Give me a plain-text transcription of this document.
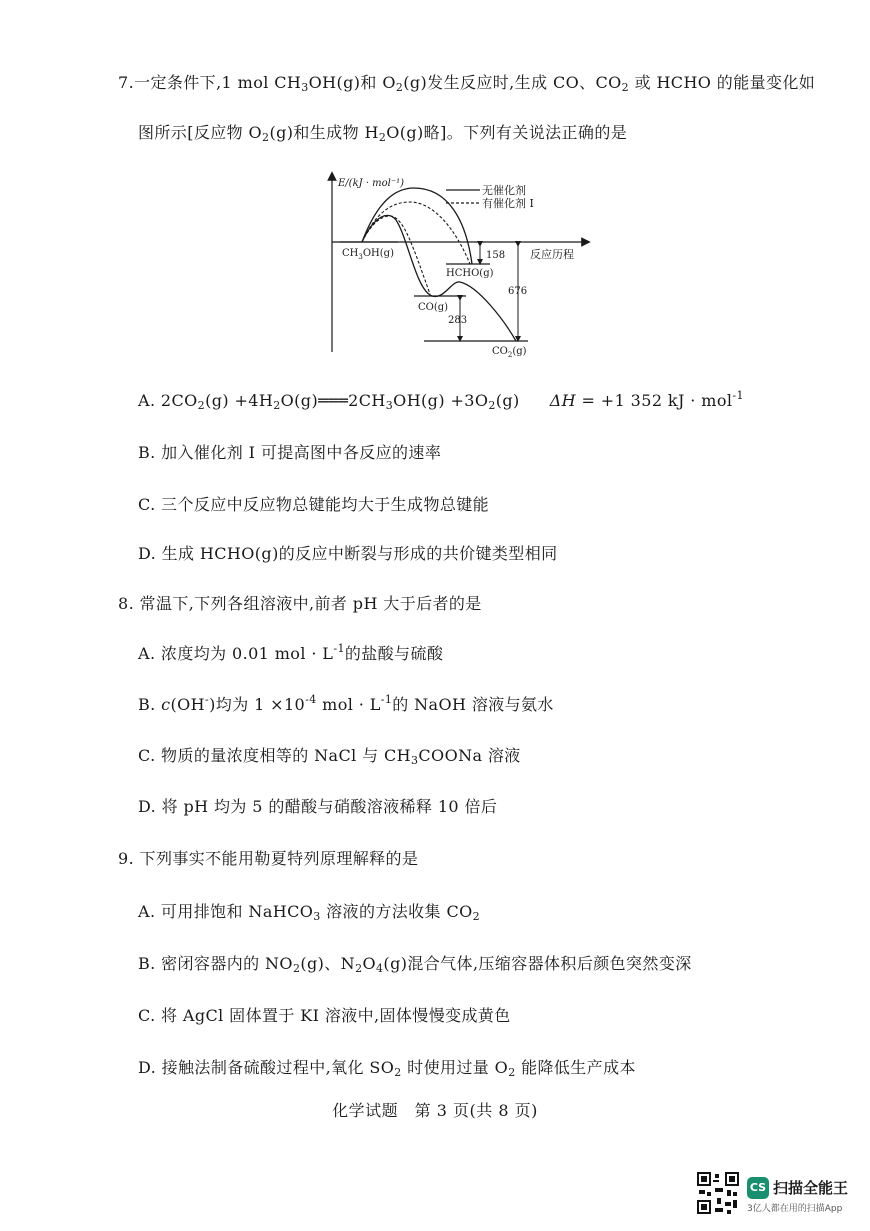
7.一定条件下,1 mol $CH_3OH(g)$和 $O_2(g)$发生反应时,生成 CO、$CO_2$ 或 HCHO 的能量变化如
图所示[反应物 $O_2(g)$和生成物 $H_2O(g)$略]。下列有关说法正确的是
E/(kJ · mol⁻¹)
反应历程
无催化剂
有催化剂 I
$CH_3OH(g)$
HCHO(g)
CO(g)
$CO_2(g)$
158
676
283
A. $2CO_2(g)$ $+4H_2O(g)═══2CH_3OH(g) +3O_2(g) \Delta H = +1$ 352 kJ · mol$^{-1}$
B. 加入催化剂 I 可提高图中各反应的速率
C. 三个反应中反应物总键能均大于生成物总键能
D. 生成 HCHO(g)的反应中断裂与形成的共价键类型相同
8. 常温下,下列各组溶液中,前者 pH 大于后者的是
A. 浓度均为 0.01 mol · $L^{-1}$的盐酸与硫酸
B. c(OH-)均为 $1 \times 10^{-4}$ mol · $L^{-1}$的 NaOH 溶液与氨水
C. 物质的量浓度相等的 NaCl 与 $CH_3COONa$ 溶液
D. 将 pH 均为 5 的醋酸与硝酸溶液稀释 10 倍后
9. 下列事实不能用勒夏特列原理解释的是
A. 可用排饱和 NaHCO$_3$ 溶液的方法收集 $CO_2$
B. 密闭容器内的 $NO_2(g)$、$N_2O_4(g)$混合气体,压缩容器体积后颜色突然变深
C. 将 AgCl 固体置于 KI 溶液中,固体慢慢变成黄色
D. 接触法制备硫酸过程中,氧化 $SO_2$ 时使用过量 $O_2$ 能降低生产成本
化学试题　第 3 页(共 8 页)
CS 扫描全能王
3亿人都在用的扫描App
